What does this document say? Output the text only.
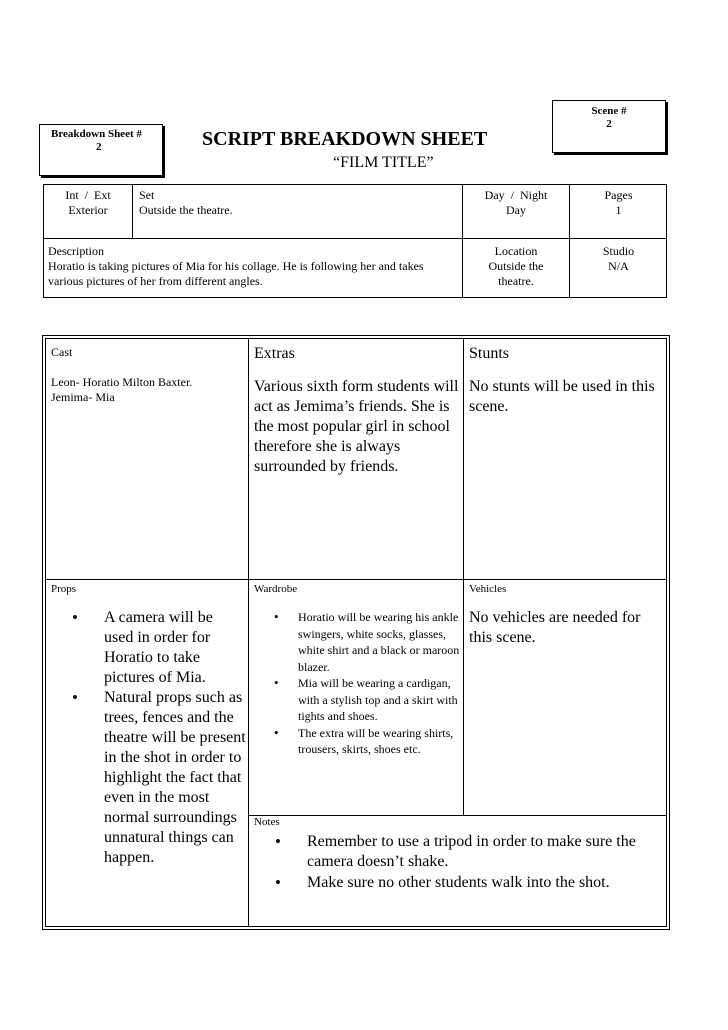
Scene #
2
Breakdown Sheet #
2	SCRIPT BREAKDOWN SHEET
“FILM TITLE”
Int  /  Ext
Exterior
Set
Outside the theatre.
Day  /  Night
Day
Pages
1
Description
Horatio is taking pictures of Mia for his collage. He is following her and takes various pictures of her from different angles.
Location
Outside the theatre.
Studio
N/A
Cast
Leon- Horatio Milton Baxter.
Jemima- Mia
Extras
Various sixth form students will act as Jemima’s friends. She is the most popular girl in school therefore she is always surrounded by friends.
Stunts
No stunts will be used in this scene.
Props
• A camera will be used in order for Horatio to take pictures of Mia.
• Natural props such as trees, fences and the theatre will be present in the shot in order to highlight the fact that even in the most normal surroundings unnatural things can happen.
Wardrobe
• Horatio will be wearing his ankle swingers, white socks, glasses, white shirt and a black or maroon blazer.
• Mia will be wearing a cardigan, with a stylish top and a skirt with tights and shoes.
• The extra will be wearing shirts, trousers, skirts, shoes etc.
Vehicles
No vehicles are needed for this scene.
Notes
• Remember to use a tripod in order to make sure the camera doesn’t shake.
• Make sure no other students walk into the shot.
